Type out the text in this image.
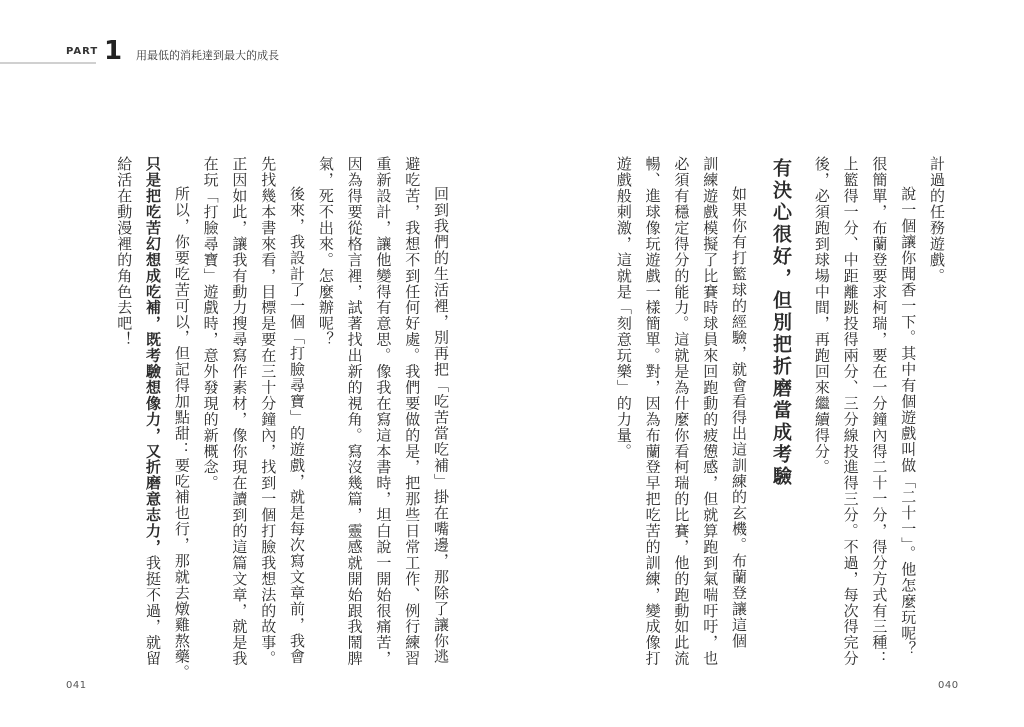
PART 1 用最低的消耗達到最大的成長

回到我們的生活裡，別再把「吃苦當吃補」掛在嘴邊，那除了讓你逃

避吃苦，我想不到任何好處。我們要做的是，把那些日常工作、例行練習

重新設計，讓他變得有意思。像我在寫這本書時，坦白說一開始很痛苦，

因為得要從格言裡，試著找出新的視角。寫沒幾篇，靈感就開始跟我鬧脾

氣，死不出來。怎麼辦呢？

後來，我設計了一個「打臉尋寶」的遊戲，就是每次寫文章前，我會

先找幾本書來看，目標是要在三十分鐘內，找到一個打臉我想法的故事。

正因如此，讓我有動力搜尋寫作素材，像你現在讀到的這篇文章，就是我

在玩「打臉尋寶」遊戲時，意外發現的新概念。

所以，你要吃苦可以，但記得加點甜：要吃補也行，那就去燉雞熬藥。

只是把吃苦幻想成吃補，既考驗想像力，又折磨意志力，我挺不過，就留

給活在動漫裡的角色去吧！

041

計過的任務遊戲。

說一個讓你聞香一下。其中有個遊戲叫做「二十一」。他怎麼玩呢？

很簡單，布蘭登要求柯瑞，要在一分鐘內得二十一分，得分方式有三種：

上籃得一分、中距離跳投得兩分、三分線投進得三分。不過，每次得完分

後，必須跑到球場中間，再跑回來繼續得分。

有決心很好，但別把折磨當成考驗

如果你有打籃球的經驗，就會看得出這訓練的玄機。布蘭登讓這個

訓練遊戲模擬了比賽時球員來回跑動的疲憊感，但就算跑到氣喘吁吁，也

必須有穩定得分的能力。這就是為什麼你看柯瑞的比賽，他的跑動如此流

暢、進球像玩遊戲一樣簡單。對，因為布蘭登早把吃苦的訓練，變成像打

遊戲般刺激，這就是「刻意玩樂」的力量。

040
